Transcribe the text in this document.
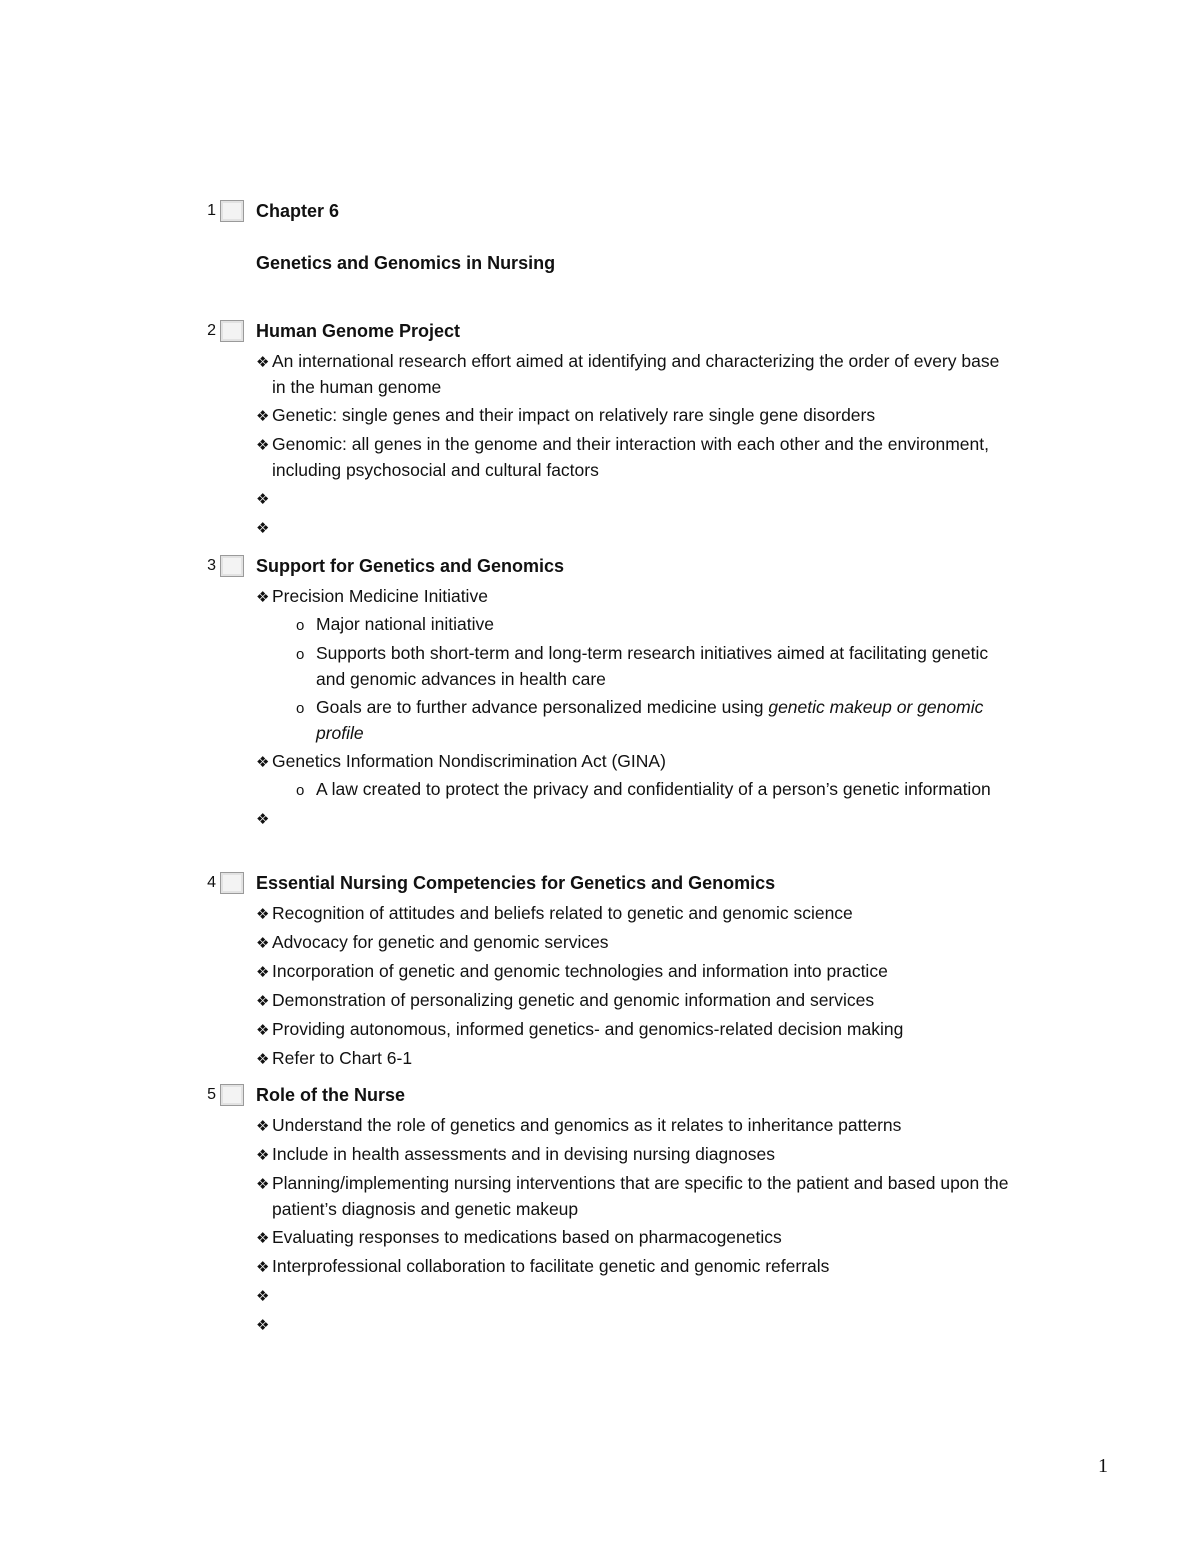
1 Chapter 6
Genetics and Genomics in Nursing
2 Human Genome Project
❖ An international research effort aimed at identifying and characterizing the order of every base in the human genome
❖ Genetic: single genes and their impact on relatively rare single gene disorders
❖ Genomic: all genes in the genome and their interaction with each other and the environment, including psychosocial and cultural factors
❖
❖
3 Support for Genetics and Genomics
❖ Precision Medicine Initiative
o Major national initiative
o Supports both short-term and long-term research initiatives aimed at facilitating genetic and genomic advances in health care
o Goals are to further advance personalized medicine using genetic makeup or genomic profile
❖ Genetics Information Nondiscrimination Act (GINA)
o A law created to protect the privacy and confidentiality of a person’s genetic information
❖
4 Essential Nursing Competencies for Genetics and Genomics
❖ Recognition of attitudes and beliefs related to genetic and genomic science
❖ Advocacy for genetic and genomic services
❖ Incorporation of genetic and genomic technologies and information into practice
❖ Demonstration of personalizing genetic and genomic information and services
❖ Providing autonomous, informed genetics- and genomics-related decision making
❖ Refer to Chart 6-1
5 Role of the Nurse
❖ Understand the role of genetics and genomics as it relates to inheritance patterns
❖ Include in health assessments and in devising nursing diagnoses
❖ Planning/implementing nursing interventions that are specific to the patient and based upon the patient’s diagnosis and genetic makeup
❖ Evaluating responses to medications based on pharmacogenetics
❖ Interprofessional collaboration to facilitate genetic and genomic referrals
❖
❖
1
